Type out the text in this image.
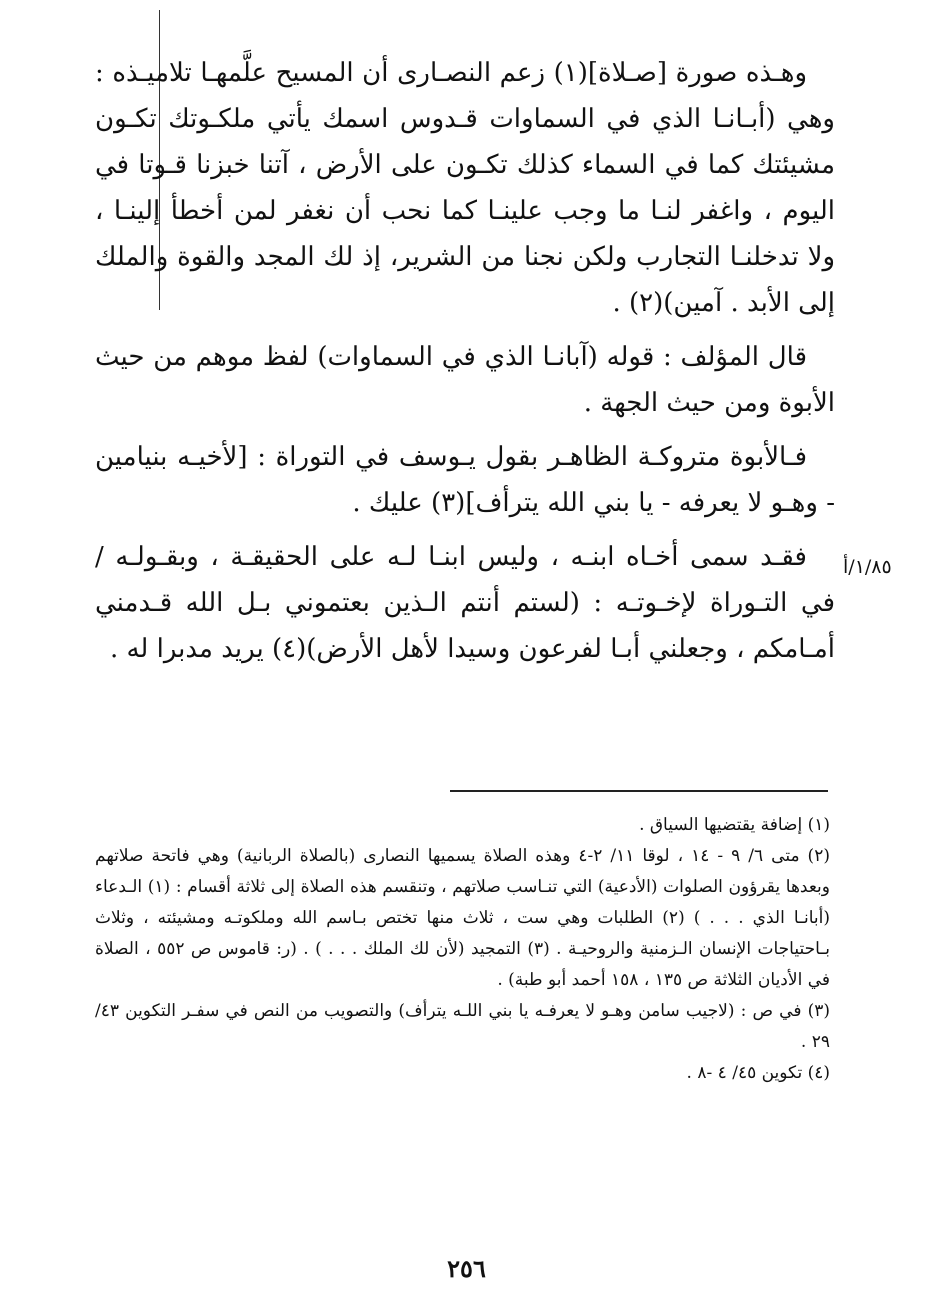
وهـذه صورة [صـلاة](١) زعم النصـارى أن المسيح علَّمهـا تلاميـذه : وهي (أبـانـا الذي في السماوات قـدوس اسمك يأتي ملكـوتك تكـون مشيئتك كما في السماء كذلك تكـون على الأرض ، آتنا خبزنا قـوتا في اليوم ، واغفر لنـا ما وجب علينـا كما نحب أن نغفر لمن أخطأ إلينـا ، ولا تدخلنـا التجارب ولكن نجنا من الشرير، إذ لك المجد والقوة والملك إلى الأبد . آمين)(٢) .

قال المؤلف : قوله (آبانـا الذي في السماوات) لفظ موهم من حيث الأبوة ومن حيث الجهة .

فـالأبوة متروكـة الظاهـر بقول يـوسف في التوراة : [لأخيـه بنيامين - وهـو لا يعرفه - يا بني الله يترأف](٣) عليك .

فقـد سمى أخـاه ابنـه ، وليس ابنـا لـه على الحقيقـة ، وبقـولـه / في التـوراة لإخـوتـه : (لستم أنتم الـذين بعتموني بـل الله قـدمني أمـامكم ، وجعلني أبـا لفرعون وسيدا لأهل الأرض)(٤) يريد مدبرا له .

١/٨٥/أ

(١) إضافة يقتضيها السياق .

(٢) متى ٦/ ٩ - ١٤ ، لوقا ١١/ ٢-٤ وهذه الصلاة يسميها النصارى (بالصلاة الربانية) وهي فاتحة صلاتهم وبعدها يقرؤون الصلوات (الأدعية) التي تنـاسب صلاتهم ، وتنقسم هذه الصلاة إلى ثلاثة أقسام : (١) الـدعاء (أبانـا الذي . . . ) (٢) الطلبات وهي ست ، ثلاث منها تختص بـاسم الله وملكوتـه ومشيئته ، وثلاث بـاحتياجات الإنسان الـزمنية والروحيـة . (٣) التمجيد (لأن لك الملك . . . ) . (ر: قاموس ص ٥٥٢ ، الصلاة في الأديان الثلاثة ص ١٣٥ ، ١٥٨ أحمد أبو طبة) .

(٣) في ص : (لاجيب سامن وهـو لا يعرفـه يا بني اللـه يترأف) والتصويب من النص في سفـر التكوين ٤٣/ ٢٩ .

(٤) تكوين ٤٥/ ٤ -٨ .

٢٥٦
